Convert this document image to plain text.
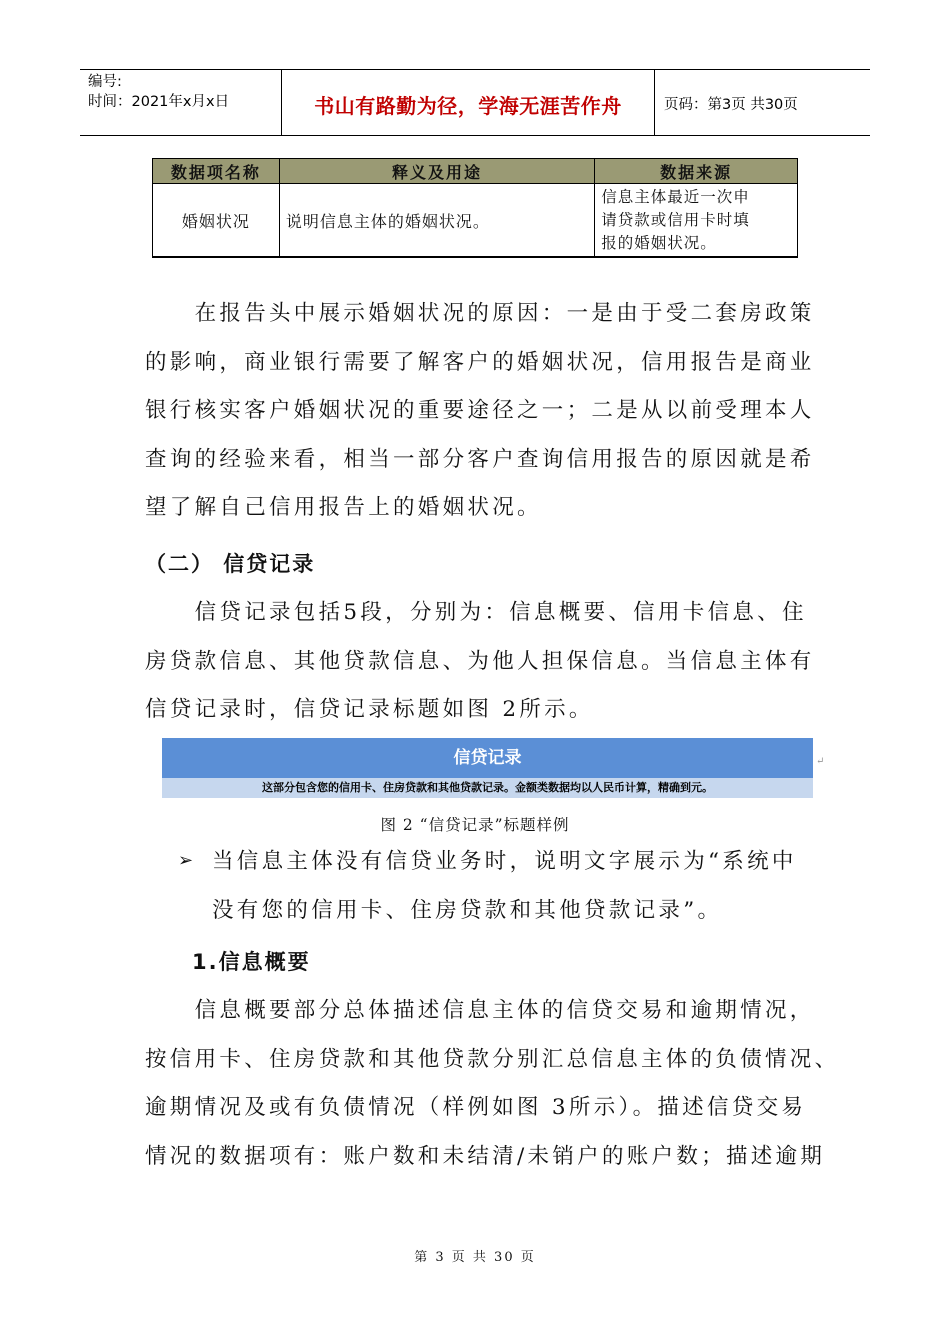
编号:
时间：2021年x月x日	书山有路勤为径，学海无涯苦作舟	页码：第3页 共30页
数据项名称	释义及用途	数据来源
婚姻状况	说明信息主体的婚姻状况。	信息主体最近一次申
请贷款或信用卡时填
报的婚姻状况。
　　在报告头中展示婚姻状况的原因：一是由于受二套房政策
的影响，商业银行需要了解客户的婚姻状况，信用报告是商业
银行核实客户婚姻状况的重要途径之一；二是从以前受理本人
查询的经验来看，相当一部分客户查询信用报告的原因就是希
望了解自己信用报告上的婚姻状况。
（二） 信贷记录
　　信贷记录包括5段，分别为：信息概要、信用卡信息、住
房贷款信息、其他贷款信息、为他人担保信息。当信息主体有
信贷记录时，信贷记录标题如图 2所示。
信贷记录
这部分包含您的信用卡、住房贷款和其他贷款记录。金额类数据均以人民币计算，精确到元。
↵
图 2 “信贷记录”标题样例
➢ 当信息主体没有信贷业务时，说明文字展示为“系统中
没有您的信用卡、住房贷款和其他贷款记录”。
1.信息概要
　　信息概要部分总体描述信息主体的信贷交易和逾期情况，
按信用卡、住房贷款和其他贷款分别汇总信息主体的负债情况、
逾期情况及或有负债情况（样例如图 3所示）。描述信贷交易
情况的数据项有：账户数和未结清/未销户的账户数；描述逾期
第 3 页 共 30 页
